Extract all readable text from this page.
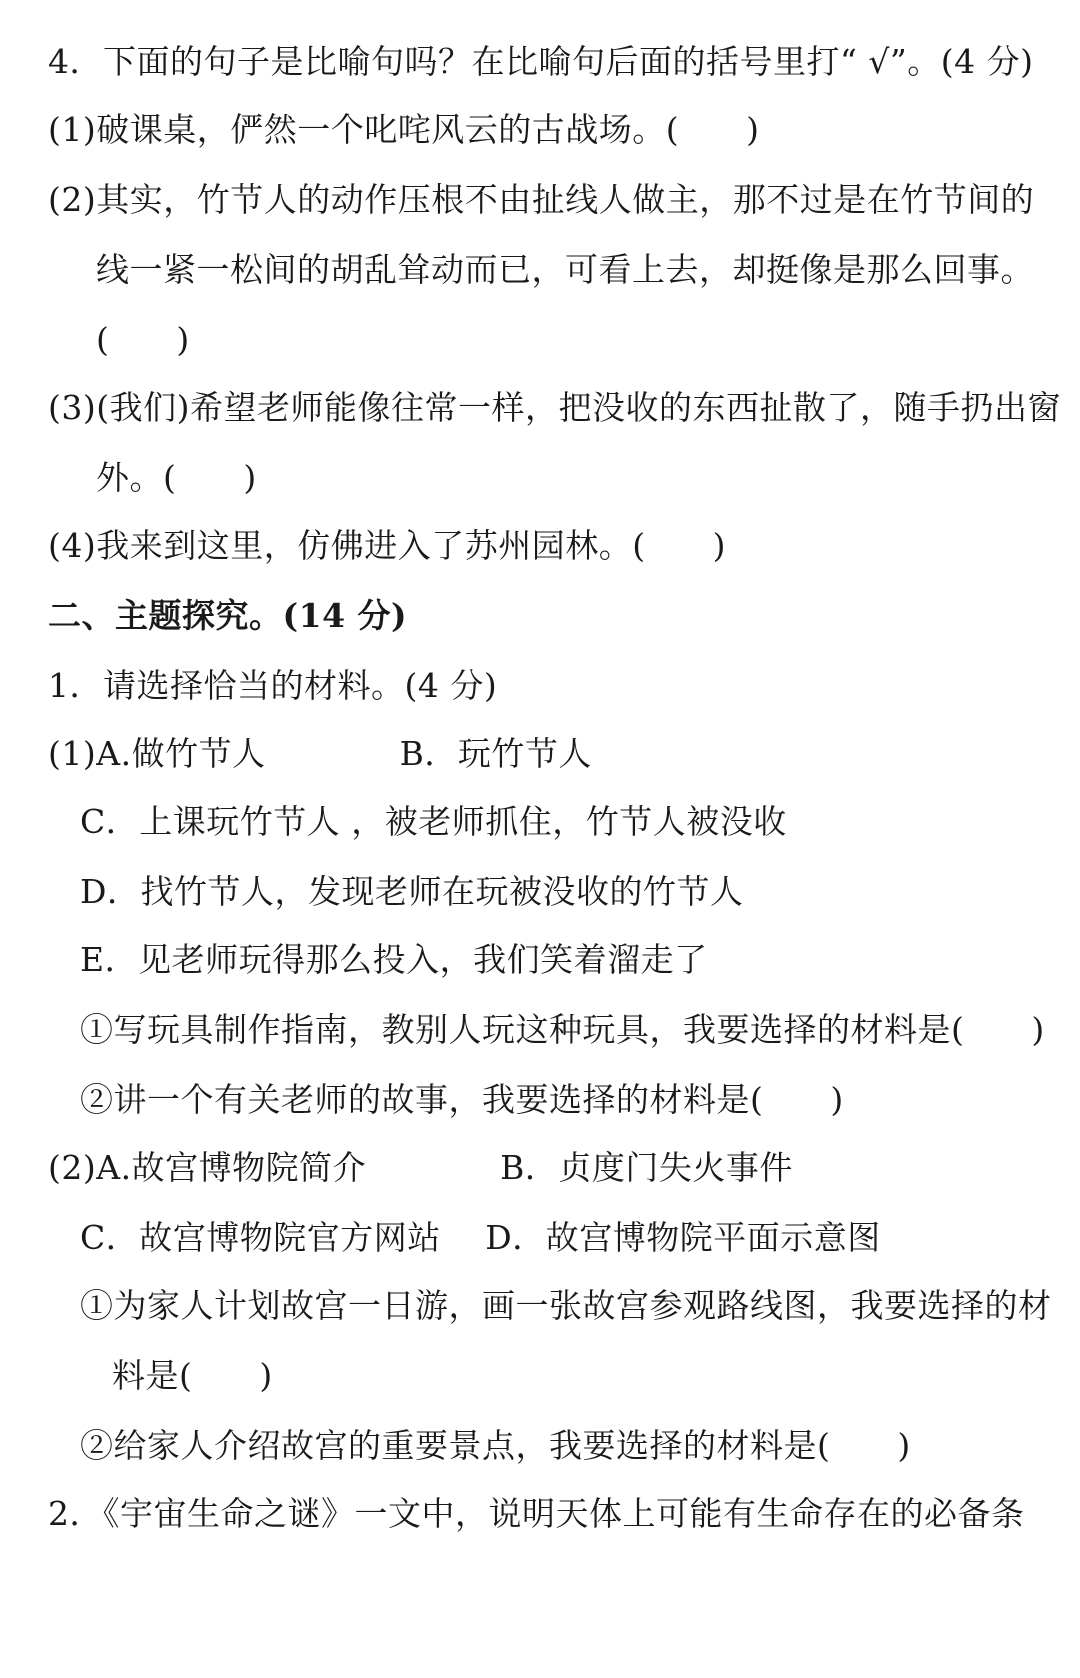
4．下面的句子是比喻句吗？在比喻句后面的括号里打“ √”。(4 分)
(1)破课桌，俨然一个叱咤风云的古战场。(　　)
(2)其实，竹节人的动作压根不由扯线人做主，那不过是在竹节间的
线一紧一松间的胡乱耸动而已，可看上去，却挺像是那么回事。
(　　)
(3)(我们)希望老师能像往常一样，把没收的东西扯散了，随手扔出窗
外。(　　)
(4)我来到这里，仿佛进入了苏州园林。(　　)
二、主题探究。(14 分)
1．请选择恰当的材料。(4 分)
(1)A.做竹节人　　　　B．玩竹节人
C．上课玩竹节人 ，被老师抓住，竹节人被没收
D．找竹节人，发现老师在玩被没收的竹节人
E．见老师玩得那么投入，我们笑着溜走了
①写玩具制作指南，教别人玩这种玩具，我要选择的材料是(　　)
②讲一个有关老师的故事，我要选择的材料是(　　)
(2)A.故宫博物院简介　　　　B．贞度门失火事件
C．故宫博物院官方网站　 D．故宫博物院平面示意图
①为家人计划故宫一日游，画一张故宫参观路线图，我要选择的材
料是(　　)
②给家人介绍故宫的重要景点，我要选择的材料是(　　)
2．《宇宙生命之谜》一文中，说明天体上可能有生命存在的必备条
